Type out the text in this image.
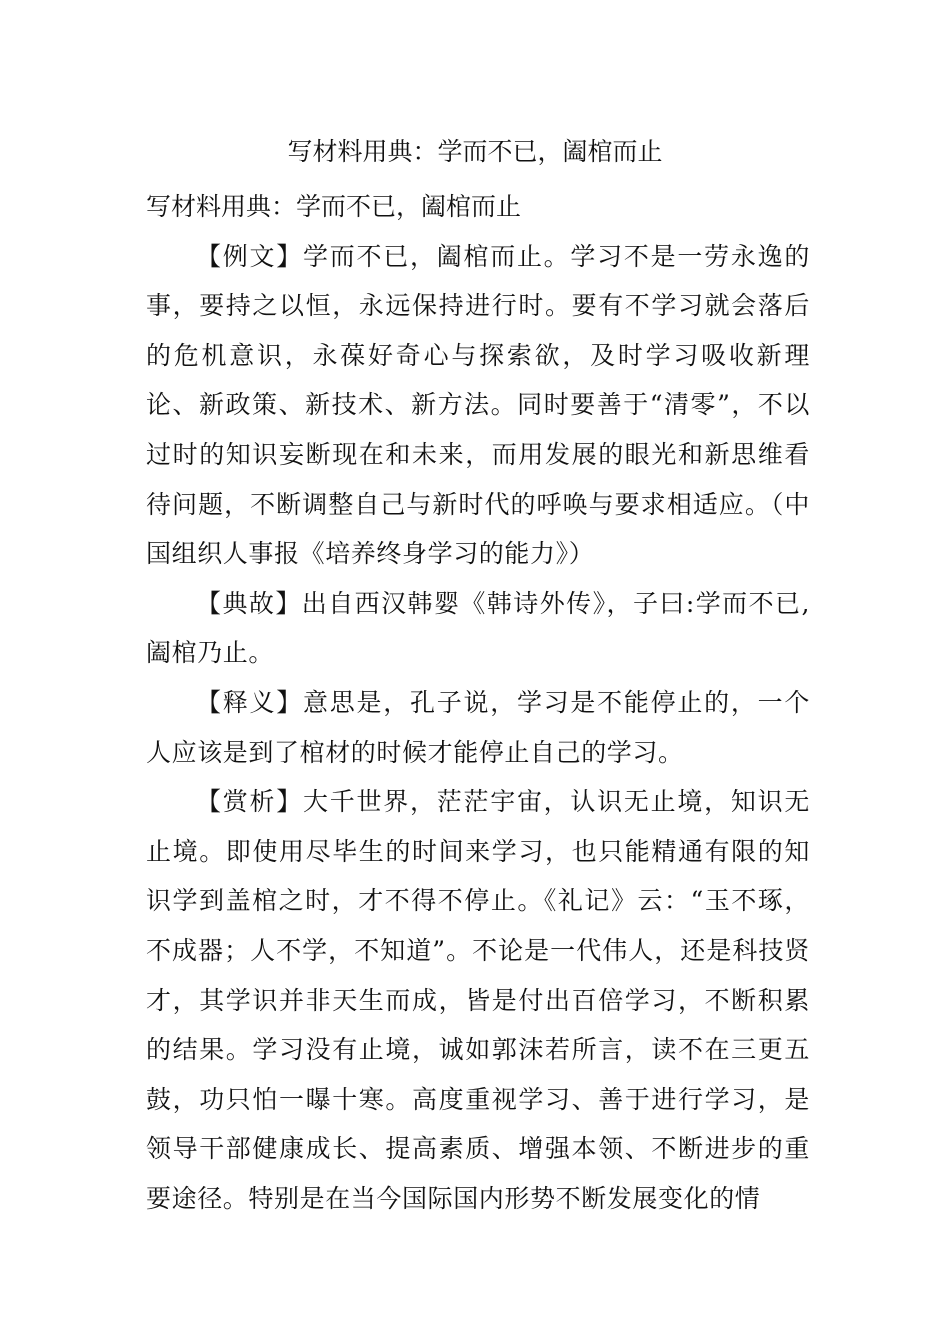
写材料用典：学而不已，阖棺而止

写材料用典：学而不已，阖棺而止

【例文】学而不已，阖棺而止。学习不是一劳永逸的事，要持之以恒，永远保持进行时。要有不学习就会落后的危机意识，永葆好奇心与探索欲，及时学习吸收新理论、新政策、新技术、新方法。同时要善于“清零”，不以过时的知识妄断现在和未来，而用发展的眼光和新思维看待问题，不断调整自己与新时代的呼唤与要求相适应。（中国组织人事报《培养终身学习的能力》）

【典故】出自西汉韩婴《韩诗外传》，子曰:学而不已,阖棺乃止。

【释义】意思是，孔子说，学习是不能停止的，一个人应该是到了棺材的时候才能停止自己的学习。

【赏析】大千世界，茫茫宇宙，认识无止境，知识无止境。即使用尽毕生的时间来学习，也只能精通有限的知识学到盖棺之时，才不得不停止。《礼记》云：“玉不琢，不成器；人不学，不知道”。不论是一代伟人，还是科技贤才，其学识并非天生而成，皆是付出百倍学习，不断积累的结果。学习没有止境，诚如郭沫若所言，读不在三更五鼓，功只怕一曝十寒。高度重视学习、善于进行学习，是领导干部健康成长、提高素质、增强本领、不断进步的重要途径。特别是在当今国际国内形势不断发展变化的情
